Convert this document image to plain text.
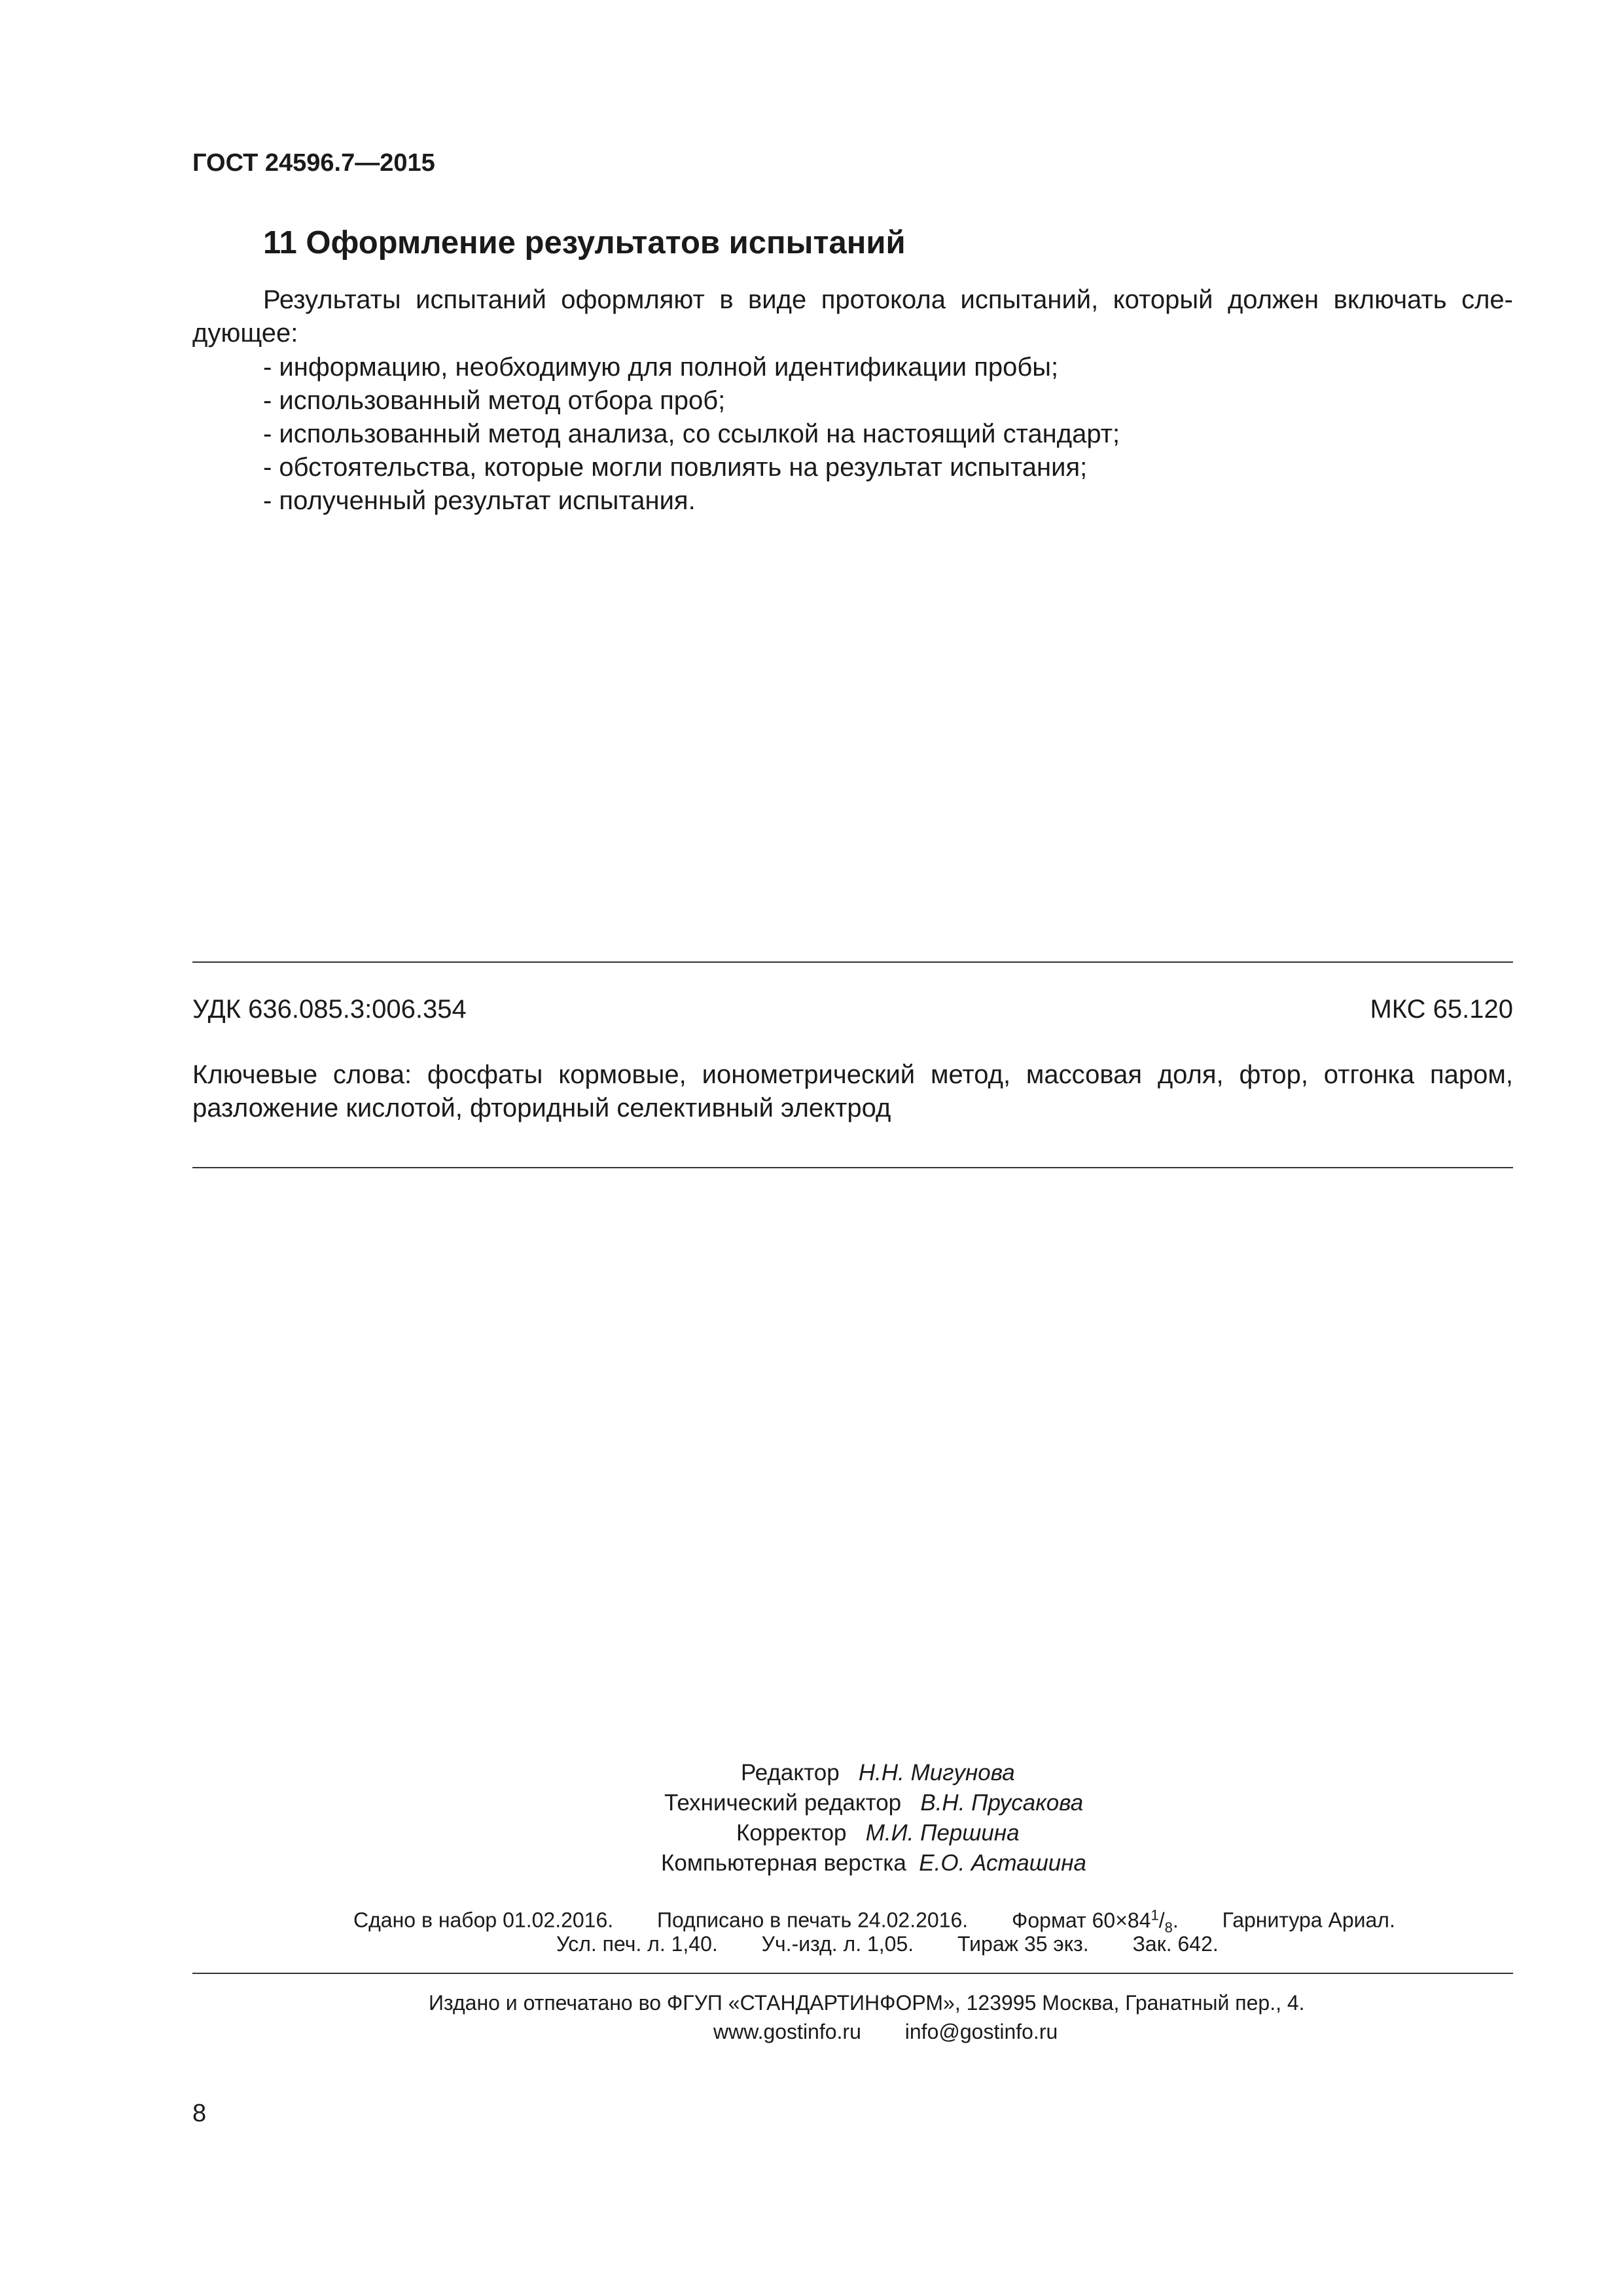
ГОСТ 24596.7—2015
11 Оформление результатов испытаний

Результаты испытаний оформляют в виде протокола испытаний, который должен включать сле-

дующее:
- информацию, необходимую для полной идентификации пробы;
- использованный метод отбора проб;
- использованный метод анализа, со ссылкой на настоящий стандарт;
- обстоятельства, которые могли повлиять на результат испытания;
- полученный результат испытания.
УДК 636.085.3:006.354	МКС 65.120
Ключевые слова: фосфаты кормовые, ионометрический метод, массовая доля, фтор, отгонка паром,
разложение кислотой, фторидный селективный электрод
Редактор Н.Н. Мигунова
Технический редактор В.Н. Прусакова
Корректор М.И. Першина
Компьютерная верстка Е.О. Асташина
Сдано в набор 01.02.2016. Подписано в печать 24.02.2016. Формат $60\times 84^1/_8$. Гарнитура Ариал.
Усл. печ. л. 1,40. Уч.-изд. л. 1,05. Тираж 35 экз. Зак. 642.
Издано и отпечатано во ФГУП «СТАНДАРТИНФОРМ», 123995 Москва, Гранатный пер., 4.
www.gostinfo.ru info@gostinfo.ru
8
